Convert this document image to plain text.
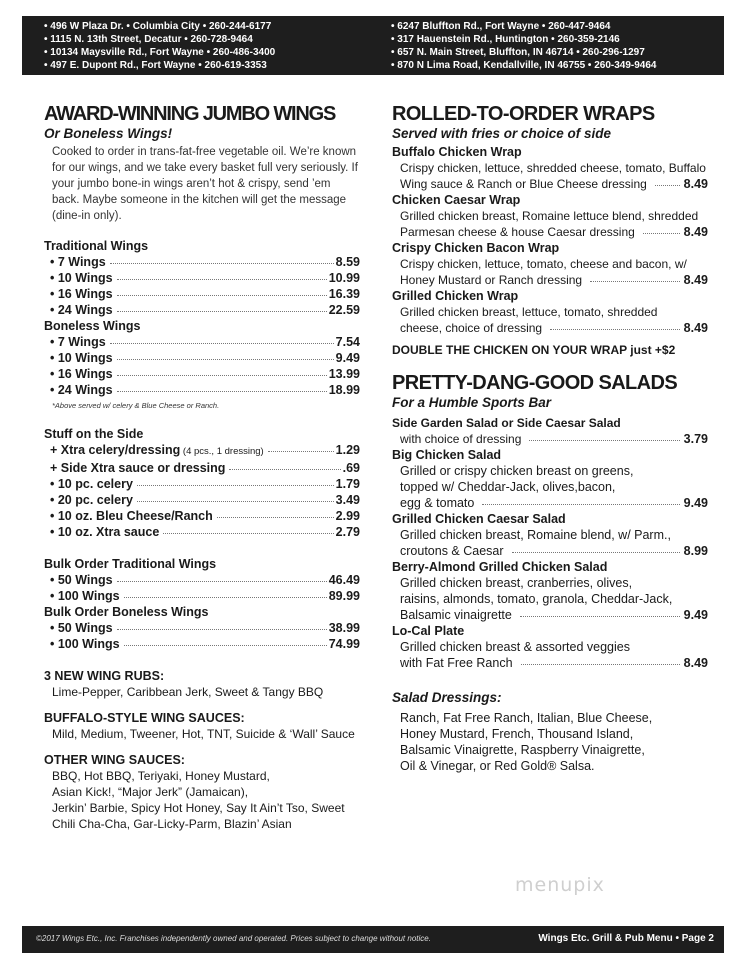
• 496 W Plaza Dr. • Columbia City • 260-244-6177
• 1115 N. 13th Street, Decatur • 260-728-9464
• 10134 Maysville Rd., Fort Wayne • 260-486-3400
• 497 E. Dupont Rd., Fort Wayne • 260-619-3353
• 6247 Bluffton Rd., Fort Wayne • 260-447-9464
• 317 Hauenstein Rd., Huntington • 260-359-2146
• 657 N. Main Street, Bluffton, IN 46714 • 260-296-1297
• 870 N Lima Road, Kendallville, IN 46755 • 260-349-9464
AWARD-WINNING JUMBO WINGS
Or Boneless Wings!
Cooked to order in trans-fat-free vegetable oil. We’re known for our wings, and we take every basket full very seriously. If your jumbo bone-in wings aren’t hot & crispy, send ’em back. Maybe someone in the kitchen will get the message (dine-in only).
Traditional Wings
• 7 Wings	8.59
• 10 Wings	10.99
• 16 Wings	16.39
• 24 Wings	22.59
Boneless Wings
• 7 Wings	7.54
• 10 Wings	9.49
• 16 Wings	13.99
• 24 Wings	18.99
*Above served w/ celery & Blue Cheese or Ranch.
Stuff on the Side
+ Xtra celery/dressing (4 pcs., 1 dressing)	1.29
+ Side Xtra sauce or dressing	.69
• 10 pc. celery	1.79
• 20 pc. celery	3.49
• 10 oz. Bleu Cheese/Ranch	2.99
• 10 oz. Xtra sauce	2.79
Bulk Order Traditional Wings
• 50 Wings	46.49
• 100 Wings	89.99
Bulk Order Boneless Wings
• 50 Wings	38.99
• 100 Wings	74.99
3 NEW WING RUBS:
Lime-Pepper, Caribbean Jerk, Sweet & Tangy BBQ
BUFFALO-STYLE WING SAUCES:
Mild, Medium, Tweener, Hot, TNT, Suicide & ‘Wall’ Sauce
OTHER WING SAUCES:
BBQ, Hot BBQ, Teriyaki, Honey Mustard,
Asian Kick!, “Major Jerk” (Jamaican),
Jerkin’ Barbie, Spicy Hot Honey, Say It Ain’t Tso, Sweet
Chili Cha-Cha, Gar-Licky-Parm, Blazin’ Asian
ROLLED-TO-ORDER WRAPS
Served with fries or choice of side
Buffalo Chicken Wrap
Crispy chicken, lettuce, shredded cheese, tomato, Buffalo
Wing sauce & Ranch or Blue Cheese dressing	8.49
Chicken Caesar Wrap
Grilled chicken breast, Romaine lettuce blend, shredded
Parmesan cheese & house Caesar dressing	8.49
Crispy Chicken Bacon Wrap
Crispy chicken, lettuce, tomato, cheese and bacon, w/
Honey Mustard or Ranch dressing	8.49
Grilled Chicken Wrap
Grilled chicken breast, lettuce, tomato, shredded
cheese, choice of dressing	8.49
DOUBLE THE CHICKEN ON YOUR WRAP just +$2
PRETTY-DANG-GOOD SALADS
For a Humble Sports Bar
Side Garden Salad or Side Caesar Salad
with choice of dressing	3.79
Big Chicken Salad
Grilled or crispy chicken breast on greens,
topped w/ Cheddar-Jack, olives,bacon,
egg & tomato	9.49
Grilled Chicken Caesar Salad
Grilled chicken breast, Romaine blend, w/ Parm.,
croutons & Caesar	8.99
Berry-Almond Grilled Chicken Salad
Grilled chicken breast, cranberries, olives,
raisins, almonds, tomato, granola, Cheddar-Jack,
Balsamic vinaigrette	9.49
Lo-Cal Plate
Grilled chicken breast & assorted veggies
with Fat Free Ranch	8.49
Salad Dressings:
Ranch, Fat Free Ranch, Italian, Blue Cheese,
Honey Mustard, French, Thousand Island,
Balsamic Vinaigrette, Raspberry Vinaigrette,
Oil & Vinegar, or Red Gold® Salsa.
menupix
©2017 Wings Etc., Inc. Franchises independently owned and operated. Prices subject to change without notice.	Wings Etc. Grill & Pub Menu • Page 2
